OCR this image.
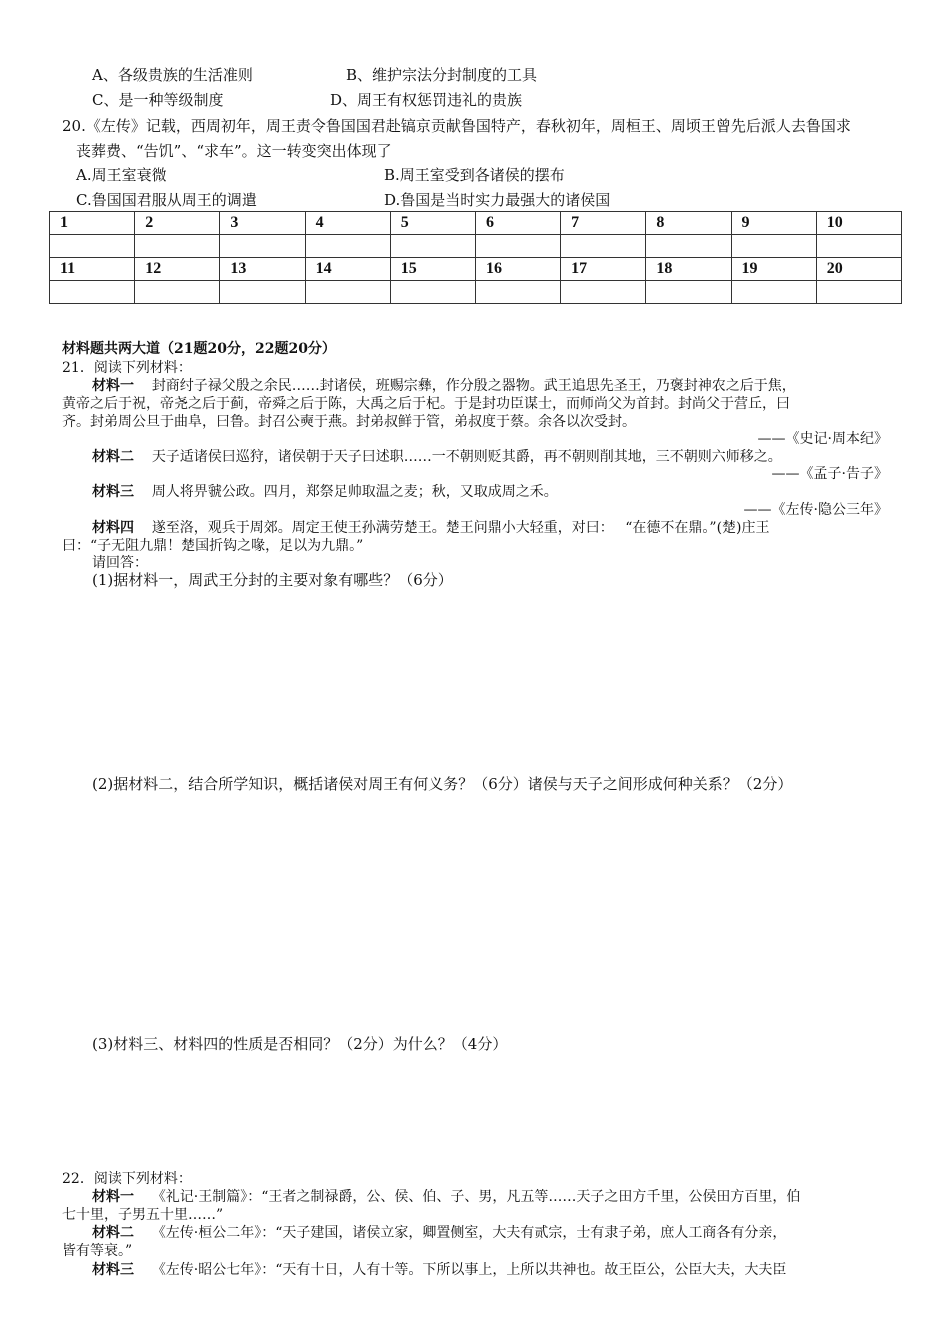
A、各级贵族的生活准则	B、维护宗法分封制度的工具
C、是一种等级制度	D、周王有权惩罚违礼的贵族
20.《左传》记载，西周初年，周王责令鲁国国君赴镐京贡献鲁国特产，春秋初年，周桓王、周顷王曾先后派人去鲁国求
丧葬费、“告饥”、“求车”。这一转变突出体现了
A.周王室衰微	B.周王室受到各诸侯的摆布
C.鲁国国君服从周王的调遣	D.鲁国是当时实力最强大的诸侯国
1	2	3	4	5	6	7	8	9	10

11	12	13	14	15	16	17	18	19	20

材料题共两大道（21题20分，22题20分）
21．阅读下列材料：
材料一 封商纣子禄父殷之余民……封诸侯，班赐宗彝，作分殷之器物。武王追思先圣王，乃褒封神农之后于焦，
黄帝之后于祝，帝尧之后于蓟，帝舜之后于陈，大禹之后于杞。于是封功臣谋士，而师尚父为首封。封尚父于营丘，曰
齐。封弟周公旦于曲阜，曰鲁。封召公奭于燕。封弟叔鲜于管，弟叔度于蔡。余各以次受封。
——《史记·周本纪》
材料二 天子适诸侯曰巡狩，诸侯朝于天子曰述职……一不朝则贬其爵，再不朝则削其地，三不朝则六师移之。
——《孟子·告子》
材料三 周人将畀虢公政。四月，郑祭足帅取温之麦；秋，又取成周之禾。
——《左传·隐公三年》
材料四 遂至洛，观兵于周郊。周定王使王孙满劳楚王。楚王问鼎小大轻重，对曰：　 “在德不在鼎。”(楚)庄王
曰：“子无阻九鼎！楚国折钩之喙，足以为九鼎。”
请回答：
(1)据材料一，周武王分封的主要对象有哪些？（6分）
(2)据材料二，结合所学知识，概括诸侯对周王有何义务？（6分）诸侯与天子之间形成何种关系？（2分）
(3)材料三、材料四的性质是否相同？（2分）为什么？（4分）
22．阅读下列材料：
材料一 《礼记·王制篇》：“王者之制禄爵，公、侯、伯、子、男，凡五等……天子之田方千里，公侯田方百里，伯
七十里，子男五十里……”
材料二 《左传·桓公二年》：“天子建国，诸侯立家，卿置侧室，大夫有贰宗，士有隶子弟，庶人工商各有分亲，
皆有等衰。”
材料三 《左传·昭公七年》：“天有十日，人有十等。下所以事上，上所以共神也。故王臣公，公臣大夫，大夫臣
